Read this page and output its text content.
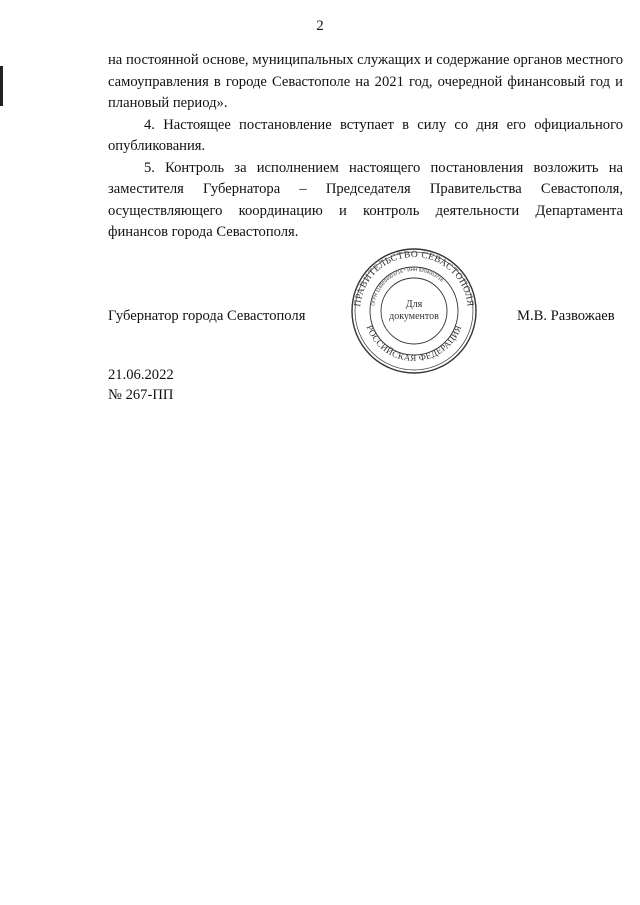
2

на постоянной основе, муниципальных служащих и содержание органов местного самоуправления в городе Севастополе на 2021 год, очередной финансовый год и плановый период».

4. Настоящее постановление вступает в силу со дня его официального опубликования.

5. Контроль за исполнением настоящего постановления возложить на заместителя Губернатора – Председателя Правительства Севастополя, осуществляющего координацию и контроль деятельности Департамента финансов города Севастополя.

Губернатор города Севастополя
ПРАВИТЕЛЬСТВО СЕВАСТОПОЛЯ
РОССИЙСКАЯ ФЕДЕРАЦИЯ
ОГРН 1149204003716 * ИНН 9204003716
Для
документов	М.В. Развожаев
21.06.2022
№ 267-ПП
